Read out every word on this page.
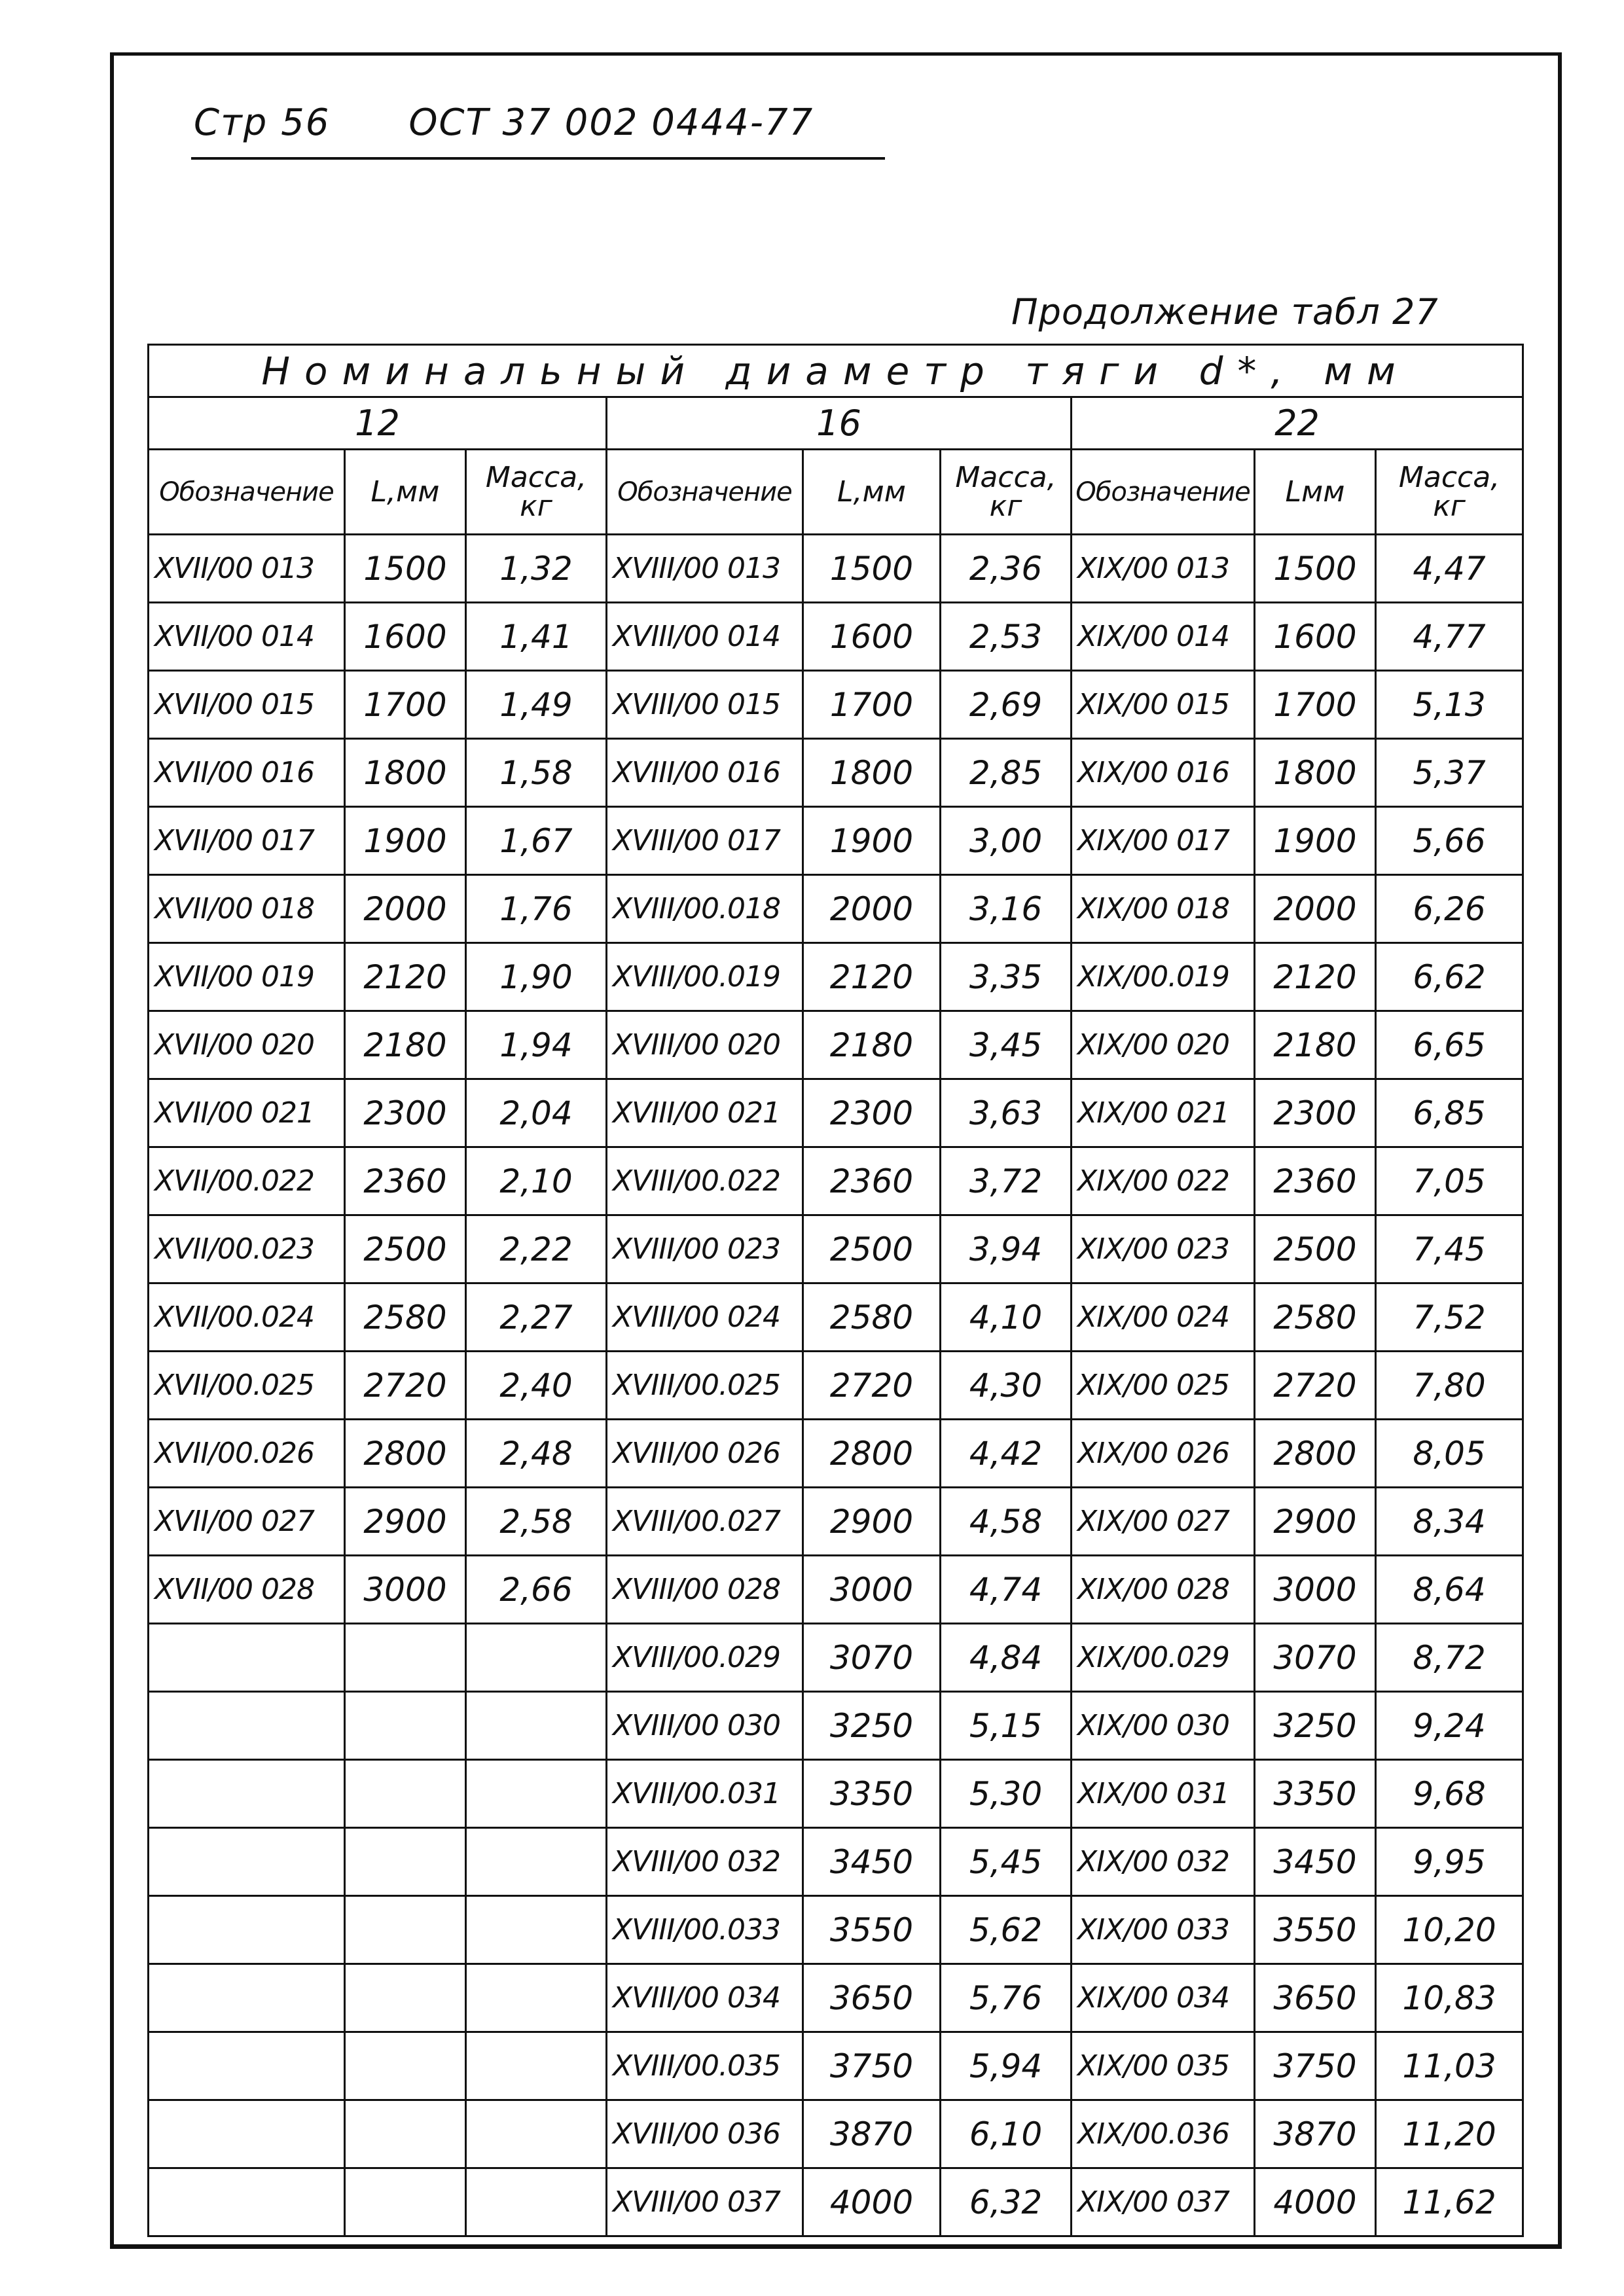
Стр 56 ОСТ 37 002 0444-77
Продолжение табл 27
Номинальный диаметр тяги d*, мм								
12			16			22		
Обозначение	L,мм	Масса, кг	Обозначение	L,мм	Масса, кг	Обозначение	Lмм	Масса, кг
XVII/00 013	1500	1,32	XVIII/00 013	1500	2,36	XIX/00 013	1500	4,47
XVII/00 014	1600	1,41	XVIII/00 014	1600	2,53	XIX/00 014	1600	4,77
XVII/00 015	1700	1,49	XVIII/00 015	1700	2,69	XIX/00 015	1700	5,13
XVII/00 016	1800	1,58	XVIII/00 016	1800	2,85	XIX/00 016	1800	5,37
XVII/00 017	1900	1,67	XVIII/00 017	1900	3,00	XIX/00 017	1900	5,66
XVII/00 018	2000	1,76	XVIII/00.018	2000	3,16	XIX/00 018	2000	6,26
XVII/00 019	2120	1,90	XVIII/00.019	2120	3,35	XIX/00.019	2120	6,62
XVII/00 020	2180	1,94	XVIII/00 020	2180	3,45	XIX/00 020	2180	6,65
XVII/00 021	2300	2,04	XVIII/00 021	2300	3,63	XIX/00 021	2300	6,85
XVII/00.022	2360	2,10	XVIII/00.022	2360	3,72	XIX/00 022	2360	7,05
XVII/00.023	2500	2,22	XVIII/00 023	2500	3,94	XIX/00 023	2500	7,45
XVII/00.024	2580	2,27	XVIII/00 024	2580	4,10	XIX/00 024	2580	7,52
XVII/00.025	2720	2,40	XVIII/00.025	2720	4,30	XIX/00 025	2720	7,80
XVII/00.026	2800	2,48	XVIII/00 026	2800	4,42	XIX/00 026	2800	8,05
XVII/00 027	2900	2,58	XVIII/00.027	2900	4,58	XIX/00 027	2900	8,34
XVII/00 028	3000	2,66	XVIII/00 028	3000	4,74	XIX/00 028	3000	8,64
			XVIII/00.029	3070	4,84	XIX/00.029	3070	8,72
			XVIII/00 030	3250	5,15	XIX/00 030	3250	9,24
			XVIII/00.031	3350	5,30	XIX/00 031	3350	9,68
			XVIII/00 032	3450	5,45	XIX/00 032	3450	9,95
			XVIII/00.033	3550	5,62	XIX/00 033	3550	10,20
			XVIII/00 034	3650	5,76	XIX/00 034	3650	10,83
			XVIII/00.035	3750	5,94	XIX/00 035	3750	11,03
			XVIII/00 036	3870	6,10	XIX/00.036	3870	11,20
			XVIII/00 037	4000	6,32	XIX/00 037	4000	11,62
